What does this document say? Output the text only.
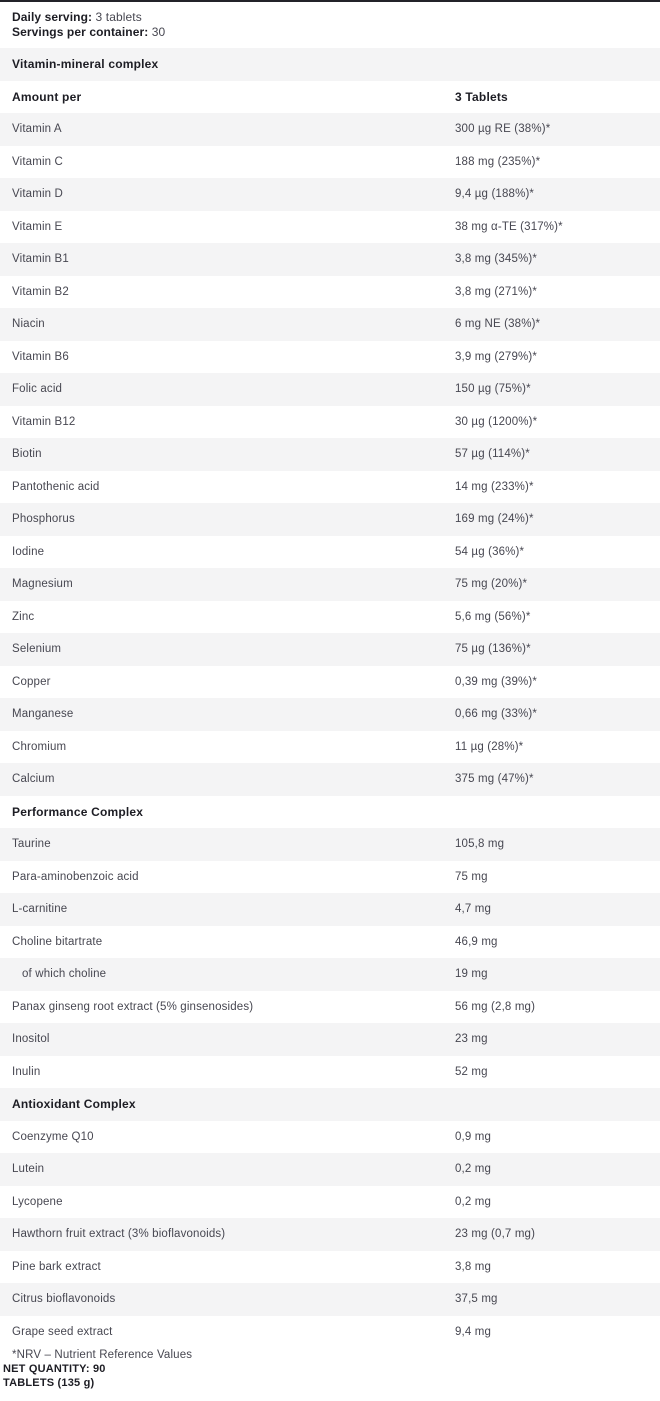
Daily serving: 3 tablets
Servings per container: 30
Vitamin-mineral complex
Amount per	3 Tablets
Vitamin A	300 µg RE (38%)*
Vitamin C	188 mg (235%)*
Vitamin D	9,4 µg (188%)*
Vitamin E	38 mg α-TE (317%)*
Vitamin B1	3,8 mg (345%)*
Vitamin B2	3,8 mg (271%)*
Niacin	6 mg NE (38%)*
Vitamin B6	3,9 mg (279%)*
Folic acid	150 µg (75%)*
Vitamin B12	30 µg (1200%)*
Biotin	57 µg (114%)*
Pantothenic acid	14 mg (233%)*
Phosphorus	169 mg (24%)*
Iodine	54 µg (36%)*
Magnesium	75 mg (20%)*
Zinc	5,6 mg (56%)*
Selenium	75 µg (136%)*
Copper	0,39 mg (39%)*
Manganese	0,66 mg (33%)*
Chromium	11 µg (28%)*
Calcium	375 mg (47%)*
Performance Complex
Taurine	105,8 mg
Para-aminobenzoic acid	75 mg
L-carnitine	4,7 mg
Choline bitartrate	46,9 mg
of which choline	19 mg
Panax ginseng root extract (5% ginsenosides)	56 mg (2,8 mg)
Inositol	23 mg
Inulin	52 mg
Antioxidant Complex
Coenzyme Q10	0,9 mg
Lutein	0,2 mg
Lycopene	0,2 mg
Hawthorn fruit extract (3% bioflavonoids)	23 mg (0,7 mg)
Pine bark extract	3,8 mg
Citrus bioflavonoids	37,5 mg
Grape seed extract	9,4 mg
*NRV – Nutrient Reference Values
NET QUANTITY: 90
TABLETS (135 g)
